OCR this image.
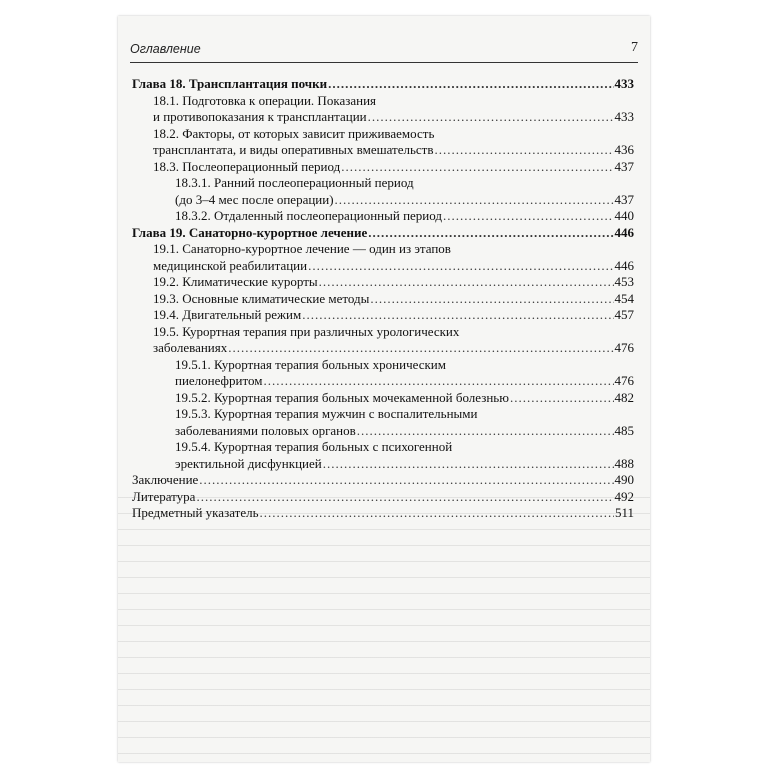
Оглавление	7
Глава 18. Трансплантация почки .....	433
18.1. Подготовка к операции. Показания
и противопоказания к трансплантации .....	433
18.2. Факторы, от которых зависит приживаемость
трансплантата, и виды оперативных вмешательств .....	436
18.3. Послеоперационный период .....	437
18.3.1. Ранний послеоперационный период
(до 3–4 мес после операции) .....	437
18.3.2. Отдаленный послеоперационный период .....	440
Глава 19. Санаторно-курортное лечение .....	446
19.1. Санаторно-курортное лечение — один из этапов
медицинской реабилитации .....	446
19.2. Климатические курорты .....	453
19.3. Основные климатические методы .....	454
19.4. Двигательный режим .....	457
19.5. Курортная терапия при различных урологических
заболеваниях .....	476
19.5.1. Курортная терапия больных хроническим
пиелонефритом .....	476
19.5.2. Курортная терапия больных мочекаменной болезнью .....	482
19.5.3. Курортная терапия мужчин с воспалительными
заболеваниями половых органов .....	485
19.5.4. Курортная терапия больных с психогенной
эректильной дисфункцией .....	488
Заключение .....	490
Литература .....	492
Предметный указатель .....	511
